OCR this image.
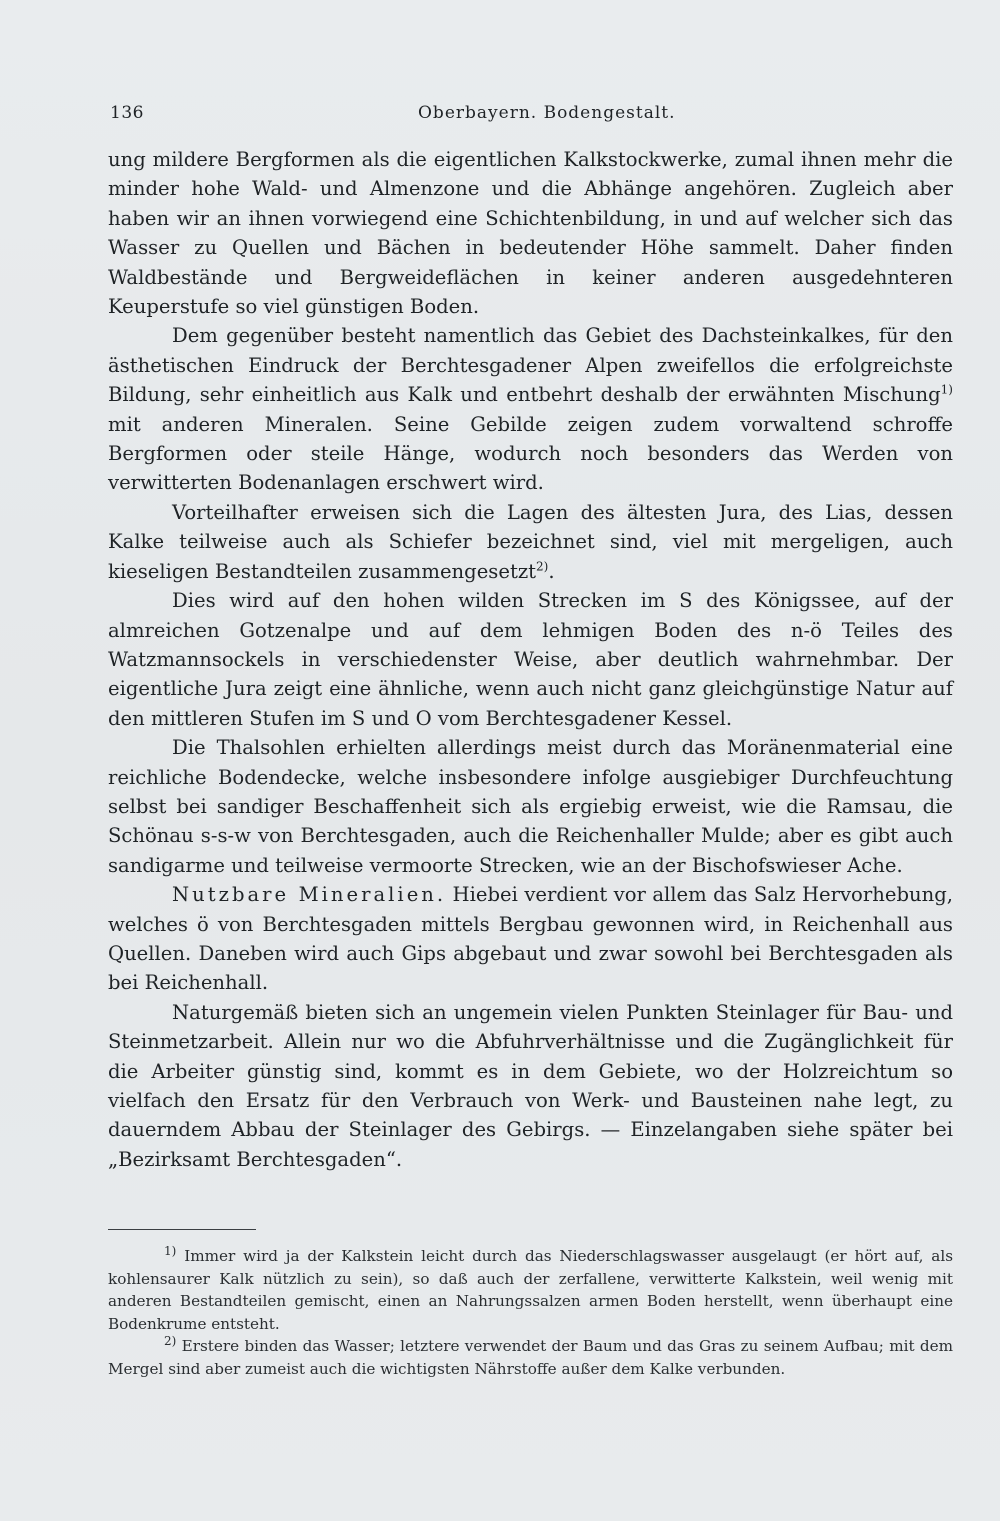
136	Oberbayern. Bodengestalt.

ung mildere Bergformen als die eigentlichen Kalkstockwerke, zumal ihnen mehr die minder hohe Wald- und Almenzone und die Abhänge angehören. Zugleich aber haben wir an ihnen vorwiegend eine Schichtenbildung, in und auf welcher sich das Wasser zu Quellen und Bächen in bedeutender Höhe sammelt. Daher finden Waldbestände und Bergweideflächen in keiner anderen ausgedehnteren Keuperstufe so viel günstigen Boden.

Dem gegenüber besteht namentlich das Gebiet des Dachsteinkalkes, für den ästhetischen Eindruck der Berchtesgadener Alpen zweifellos die erfolgreichste Bildung, sehr einheitlich aus Kalk und entbehrt deshalb der erwähnten Mischung$^{1)}$ mit anderen Mineralen. Seine Gebilde zeigen zudem vorwaltend schroffe Bergformen oder steile Hänge, wodurch noch besonders das Werden von verwitterten Bodenanlagen erschwert wird.

Vorteilhafter erweisen sich die Lagen des ältesten Jura, des Lias, dessen Kalke teilweise auch als Schiefer bezeichnet sind, viel mit mergeligen, auch kieseligen Bestandteilen zusammengesetzt$^{2)}$.

Dies wird auf den hohen wilden Strecken im S des Königssee, auf der almreichen Gotzenalpe und auf dem lehmigen Boden des n-ö Teiles des Watzmannsockels in verschiedenster Weise, aber deutlich wahrnehmbar. Der eigentliche Jura zeigt eine ähnliche, wenn auch nicht ganz gleichgünstige Natur auf den mittleren Stufen im S und O vom Berchtesgadener Kessel.

Die Thalsohlen erhielten allerdings meist durch das Moränenmaterial eine reichliche Bodendecke, welche insbesondere infolge ausgiebiger Durchfeuchtung selbst bei sandiger Beschaffenheit sich als ergiebig erweist, wie die Ramsau, die Schönau s-s-w von Berchtesgaden, auch die Reichenhaller Mulde; aber es gibt auch sandigarme und teilweise vermoorte Strecken, wie an der Bischofswieser Ache.

Nutzbare Mineralien. Hiebei verdient vor allem das Salz Hervorhebung, welches ö von Berchtesgaden mittels Bergbau gewonnen wird, in Reichenhall aus Quellen. Daneben wird auch Gips abgebaut und zwar sowohl bei Berchtesgaden als bei Reichenhall.

Naturgemäß bieten sich an ungemein vielen Punkten Steinlager für Bau- und Steinmetzarbeit. Allein nur wo die Abfuhrverhältnisse und die Zugänglichkeit für die Arbeiter günstig sind, kommt es in dem Gebiete, wo der Holzreichtum so vielfach den Ersatz für den Verbrauch von Werk- und Bausteinen nahe legt, zu dauerndem Abbau der Steinlager des Gebirgs. — Einzelangaben siehe später bei „Bezirksamt Berchtesgaden“.

$^{1)}$ Immer wird ja der Kalkstein leicht durch das Niederschlagswasser ausgelaugt (er hört auf, als kohlensaurer Kalk nützlich zu sein), so daß auch der zerfallene, verwitterte Kalkstein, weil wenig mit anderen Bestandteilen gemischt, einen an Nahrungssalzen armen Boden herstellt, wenn überhaupt eine Bodenkrume entsteht.

$^{2)}$ Erstere binden das Wasser; letztere verwendet der Baum und das Gras zu seinem Aufbau; mit dem Mergel sind aber zumeist auch die wichtigsten Nährstoffe außer dem Kalke verbunden.
